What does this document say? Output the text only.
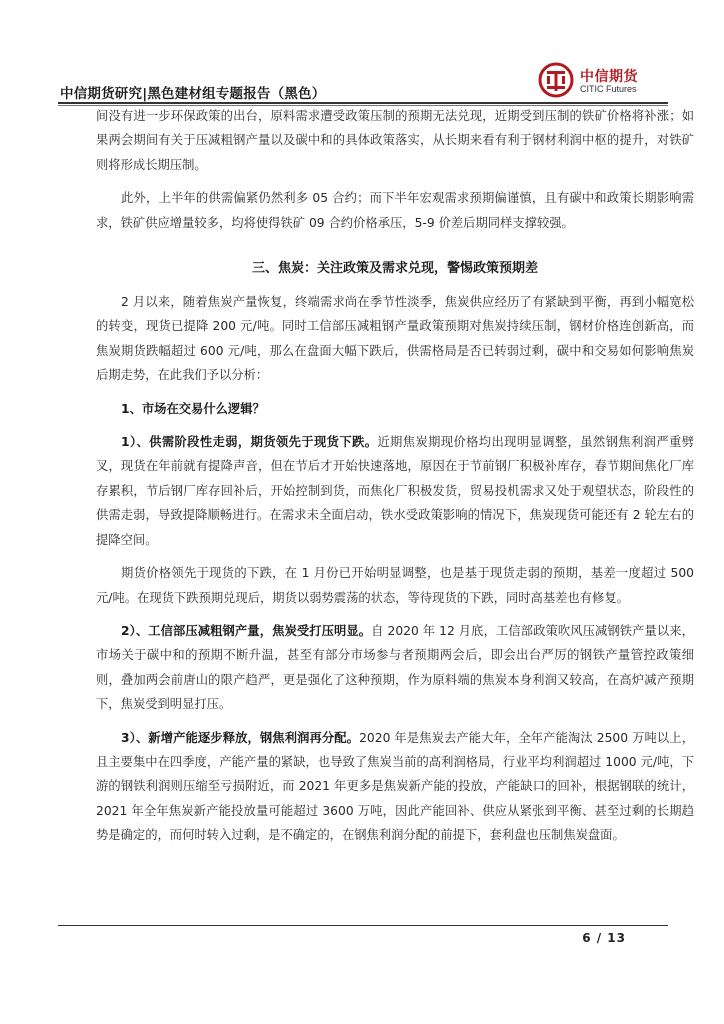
中信期货研究|黑色建材组专题报告（黑色）
中信期货
CITIC Futures

间没有进一步环保政策的出台，原料需求遭受政策压制的预期无法兑现，近期受到压制的铁矿价格将补涨；如果两会期间有关于压减粗钢产量以及碳中和的具体政策落实，从长期来看有利于钢材利润中枢的提升，对铁矿则将形成长期压制。

此外，上半年的供需偏紧仍然利多 05 合约；而下半年宏观需求预期偏谨慎，且有碳中和政策长期影响需求，铁矿供应增量较多，均将使得铁矿 09 合约价格承压，5-9 价差后期同样支撑较强。

三、焦炭：关注政策及需求兑现，警惕政策预期差

2 月以来，随着焦炭产量恢复，终端需求尚在季节性淡季，焦炭供应经历了有紧缺到平衡，再到小幅宽松的转变，现货已提降 200 元/吨。同时工信部压减粗钢产量政策预期对焦炭持续压制，钢材价格连创新高，而焦炭期货跌幅超过 600 元/吨，那么在盘面大幅下跌后，供需格局是否已转弱过剩，碳中和交易如何影响焦炭后期走势，在此我们予以分析：

1、市场在交易什么逻辑？

1）、供需阶段性走弱，期货领先于现货下跌。近期焦炭期现价格均出现明显调整，虽然钢焦利润严重劈叉，现货在年前就有提降声音，但在节后才开始快速落地，原因在于节前钢厂积极补库存，春节期间焦化厂库存累积，节后钢厂库存回补后，开始控制到货，而焦化厂积极发货，贸易投机需求又处于观望状态，阶段性的供需走弱，导致提降顺畅进行。在需求未全面启动，铁水受政策影响的情况下，焦炭现货可能还有 2 轮左右的提降空间。

期货价格领先于现货的下跌，在 1 月份已开始明显调整，也是基于现货走弱的预期，基差一度超过 500 元/吨。在现货下跌预期兑现后，期货以弱势震荡的状态，等待现货的下跌，同时高基差也有修复。

2）、工信部压减粗钢产量，焦炭受打压明显。自 2020 年 12 月底，工信部政策吹风压减钢铁产量以来，市场关于碳中和的预期不断升温，甚至有部分市场参与者预期两会后，即会出台严厉的钢铁产量管控政策细则，叠加两会前唐山的限产趋严，更是强化了这种预期，作为原料端的焦炭本身利润又较高，在高炉减产预期下，焦炭受到明显打压。

3）、新增产能逐步释放，钢焦利润再分配。2020 年是焦炭去产能大年，全年产能淘汰 2500 万吨以上，且主要集中在四季度，产能产量的紧缺，也导致了焦炭当前的高利润格局，行业平均利润超过 1000 元/吨，下游的钢铁利润则压缩至亏损附近，而 2021 年更多是焦炭新产能的投放，产能缺口的回补，根据钢联的统计，2021 年全年焦炭新产能投放量可能超过 3600 万吨，因此产能回补、供应从紧张到平衡、甚至过剩的长期趋势是确定的，而何时转入过剩，是不确定的，在钢焦利润分配的前提下，套利盘也压制焦炭盘面。

6 / 13
